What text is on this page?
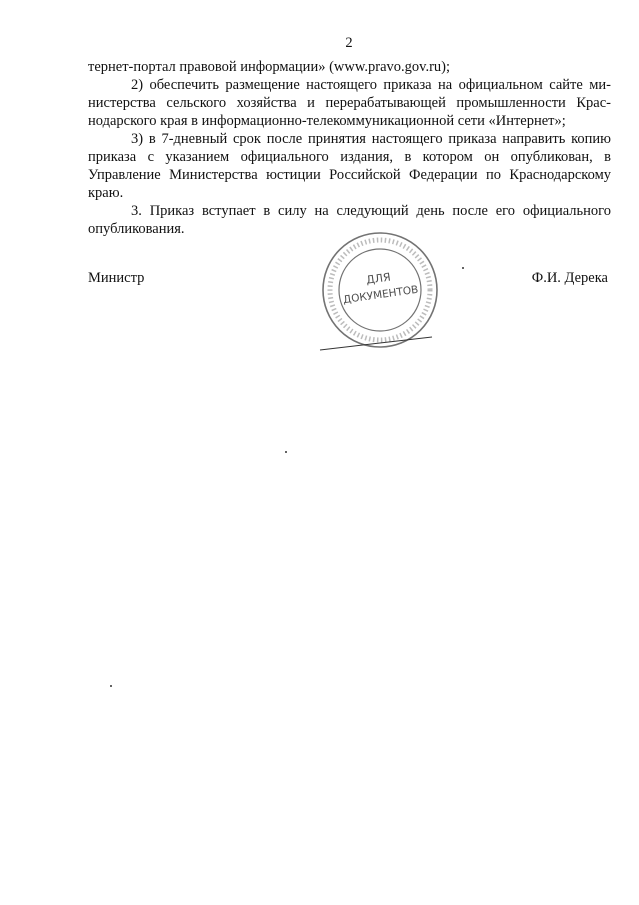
2
тернет-портал правовой информации» (www.pravo.gov.ru);
2) обеспечить размещение настоящего приказа на официальном сайте ми-
нистерства сельского хозяйства и перерабатывающей промышленности Крас-
нодарского края в информационно-телекоммуникационной сети «Интернет»;
3) в 7-дневный срок после принятия настоящего приказа направить копию
приказа с указанием официального издания, в котором он опубликован, в
Управление Министерства юстиции Российской Федерации по Краснодарскому
краю.
3. Приказ вступает в силу на следующий день после его официального
опубликования.
Министр	Ф.И. Дерека
ДЛЯ
ДОКУМЕНТОВ
